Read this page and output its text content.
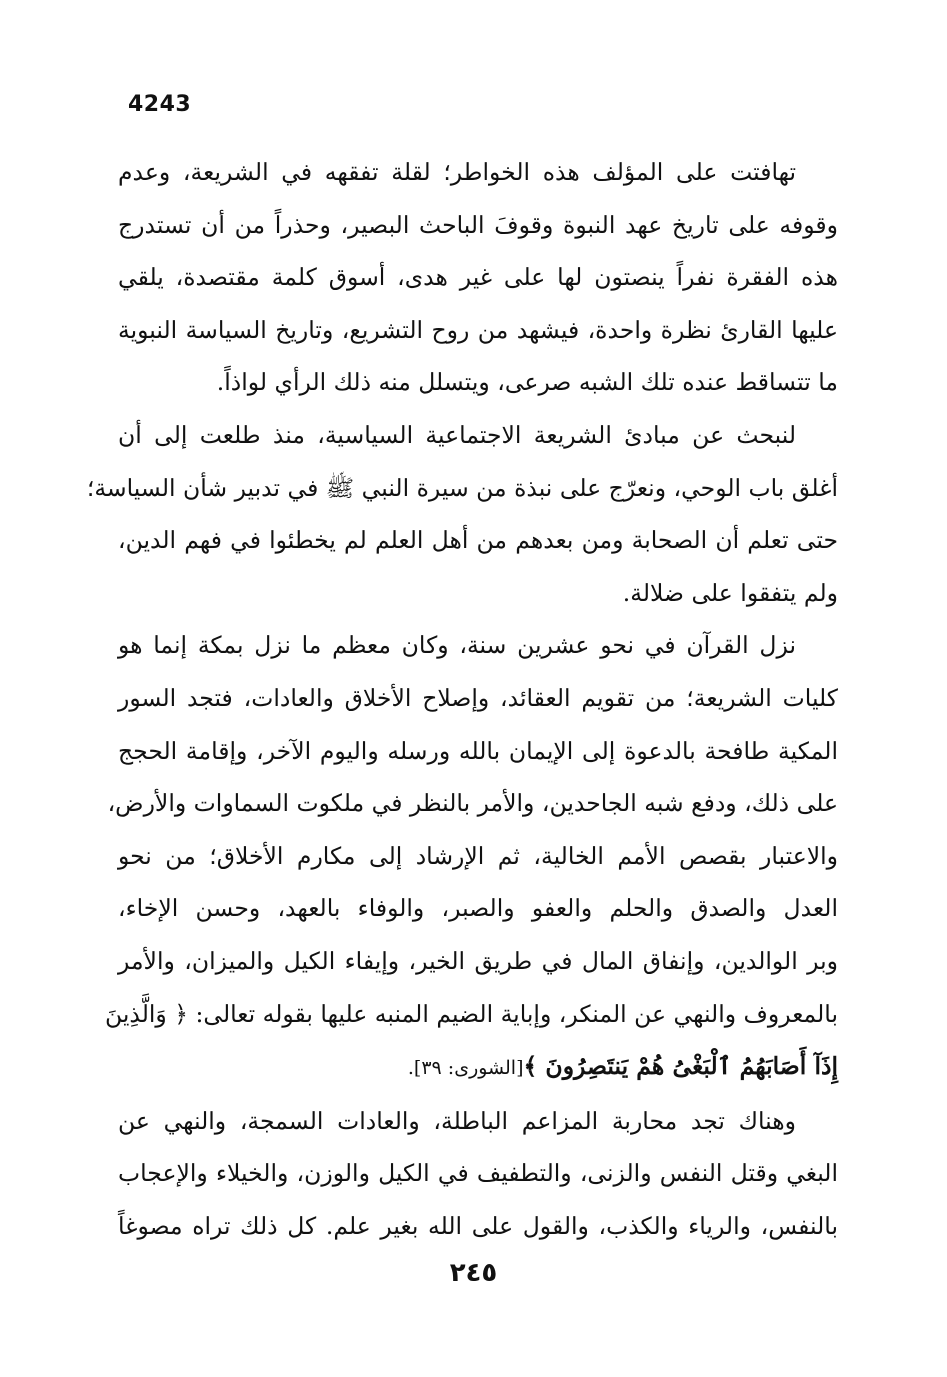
4243
تهافتت على المؤلف هذه الخواطر؛ لقلة تفقهه في الشريعة، وعدم
وقوفه على تاريخ عهد النبوة وقوفَ الباحث البصير، وحذراً من أن تستدرج
هذه الفقرة نفراً ينصتون لها على غير هدى، أسوق كلمة مقتصدة، يلقي
عليها القارئ نظرة واحدة، فيشهد من روح التشريع، وتاريخ السياسة النبوية
ما تتساقط عنده تلك الشبه صرعى، ويتسلل منه ذلك الرأي لواذاً.
لنبحث عن مبادئ الشريعة الاجتماعية السياسية، منذ طلعت إلى أن
أغلق باب الوحي، ونعرّج على نبذة من سيرة النبي ﷺ في تدبير شأن السياسة؛
حتى تعلم أن الصحابة ومن بعدهم من أهل العلم لم يخطئوا في فهم الدين،
ولم يتفقوا على ضلالة.
نزل القرآن في نحو عشرين سنة، وكان معظم ما نزل بمكة إنما هو
كليات الشريعة؛ من تقويم العقائد، وإصلاح الأخلاق والعادات، فتجد السور
المكية طافحة بالدعوة إلى الإيمان بالله ورسله واليوم الآخر، وإقامة الحجج
على ذلك، ودفع شبه الجاحدين، والأمر بالنظر في ملكوت السماوات والأرض،
والاعتبار بقصص الأمم الخالية، ثم الإرشاد إلى مكارم الأخلاق؛ من نحو
العدل والصدق والحلم والعفو والصبر، والوفاء بالعهد، وحسن الإخاء،
وبر الوالدين، وإنفاق المال في طريق الخير، وإيفاء الكيل والميزان، والأمر
بالمعروف والنهي عن المنكر، وإباية الضيم المنبه عليها بقوله تعالى: ﴿ وَالَّذِينَ
إِذَآ أَصَابَهُمُ ٱلْبَغْىُ هُمْ يَنتَصِرُونَ ﴾[الشورى: ٣٩].
وهناك تجد محاربة المزاعم الباطلة، والعادات السمجة، والنهي عن
البغي وقتل النفس والزنى، والتطفيف في الكيل والوزن، والخيلاء والإعجاب
بالنفس، والرياء والكذب، والقول على الله بغير علم. كل ذلك تراه مصوغاً
٢٤٥
